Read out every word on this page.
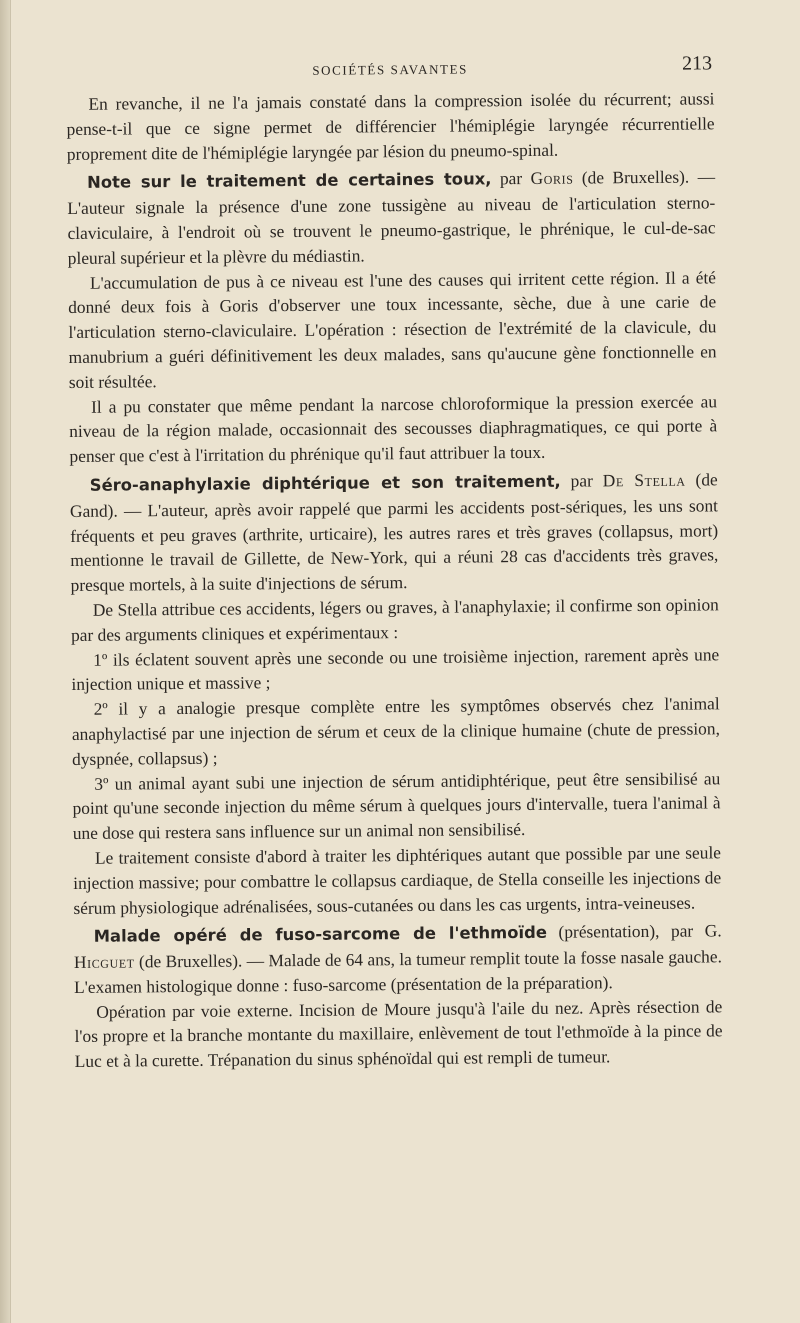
SOCIÉTÉS SAVANTES	213

En revanche, il ne l'a jamais constaté dans la compression isolée du récurrent; aussi pense-t-il que ce signe permet de différencier l'hémiplégie laryngée récurrentielle proprement dite de l'hémiplégie laryngée par lésion du pneumo-spinal.

Note sur le traitement de certaines toux, par Goris (de Bruxelles). — L'auteur signale la présence d'une zone tussigène au niveau de l'articulation sterno-claviculaire, à l'endroit où se trouvent le pneumo-gastrique, le phrénique, le cul-de-sac pleural supérieur et la plèvre du médiastin.

L'accumulation de pus à ce niveau est l'une des causes qui irritent cette région. Il a été donné deux fois à Goris d'observer une toux incessante, sèche, due à une carie de l'articulation sterno-claviculaire. L'opération : résection de l'extrémité de la clavicule, du manubrium a guéri définitivement les deux malades, sans qu'aucune gène fonctionnelle en soit résultée.

Il a pu constater que même pendant la narcose chloroformique la pression exercée au niveau de la région malade, occasionnait des secousses diaphragmatiques, ce qui porte à penser que c'est à l'irritation du phrénique qu'il faut attribuer la toux.

Séro-anaphylaxie diphtérique et son traitement, par De Stella (de Gand). — L'auteur, après avoir rappelé que parmi les accidents post-sériques, les uns sont fréquents et peu graves (arthrite, urticaire), les autres rares et très graves (collapsus, mort) mentionne le travail de Gillette, de New-York, qui a réuni 28 cas d'accidents très graves, presque mortels, à la suite d'injections de sérum.

De Stella attribue ces accidents, légers ou graves, à l'anaphylaxie; il confirme son opinion par des arguments cliniques et expérimentaux :

1º ils éclatent souvent après une seconde ou une troisième injection, rarement après une injection unique et massive ;

2º il y a analogie presque complète entre les symptômes observés chez l'animal anaphylactisé par une injection de sérum et ceux de la clinique humaine (chute de pression, dyspnée, collapsus) ;

3º un animal ayant subi une injection de sérum antidiphtérique, peut être sensibilisé au point qu'une seconde injection du même sérum à quelques jours d'intervalle, tuera l'animal à une dose qui restera sans influence sur un animal non sensibilisé.

Le traitement consiste d'abord à traiter les diphtériques autant que possible par une seule injection massive; pour combattre le collapsus cardiaque, de Stella conseille les injections de sérum physiologique adrénalisées, sous-cutanées ou dans les cas urgents, intra-veineuses.

Malade opéré de fuso-sarcome de l'ethmoïde (présentation), par G. Hicguet (de Bruxelles). — Malade de 64 ans, la tumeur remplit toute la fosse nasale gauche. L'examen histologique donne : fuso-sarcome (présentation de la préparation).

Opération par voie externe. Incision de Moure jusqu'à l'aile du nez. Après résection de l'os propre et la branche montante du maxillaire, enlèvement de tout l'ethmoïde à la pince de Luc et à la curette. Trépanation du sinus sphénoïdal qui est rempli de tumeur.
